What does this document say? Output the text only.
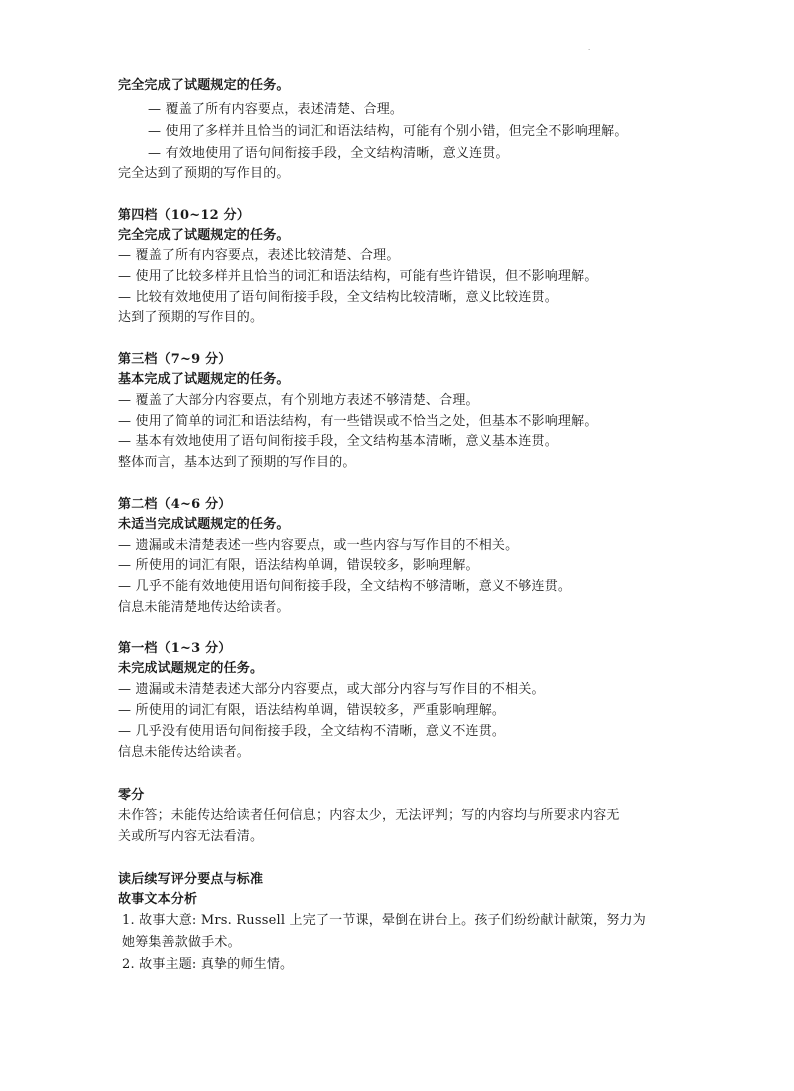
·
完全完成了试题规定的任务。
— 覆盖了所有内容要点，表述清楚、合理。
— 使用了多样并且恰当的词汇和语法结构，可能有个别小错，但完全不影响理解。
— 有效地使用了语句间衔接手段，全文结构清晰，意义连贯。
完全达到了预期的写作目的。
第四档（10~12 分）
完全完成了试题规定的任务。
— 覆盖了所有内容要点，表述比较清楚、合理。
— 使用了比较多样并且恰当的词汇和语法结构，可能有些许错误，但不影响理解。
— 比较有效地使用了语句间衔接手段，全文结构比较清晰，意义比较连贯。
达到了预期的写作目的。
第三档（7~9 分）
基本完成了试题规定的任务。
— 覆盖了大部分内容要点，有个别地方表述不够清楚、合理。
— 使用了简单的词汇和语法结构，有一些错误或不恰当之处，但基本不影响理解。
— 基本有效地使用了语句间衔接手段，全文结构基本清晰，意义基本连贯。
整体而言，基本达到了预期的写作目的。
第二档（4~6 分）
未适当完成试题规定的任务。
— 遗漏或未清楚表述一些内容要点，或一些内容与写作目的不相关。
— 所使用的词汇有限，语法结构单调，错误较多，影响理解。
— 几乎不能有效地使用语句间衔接手段，全文结构不够清晰，意义不够连贯。
信息未能清楚地传达给读者。
第一档（1~3 分）
未完成试题规定的任务。
— 遗漏或未清楚表述大部分内容要点，或大部分内容与写作目的不相关。
— 所使用的词汇有限，语法结构单调，错误较多，严重影响理解。
— 几乎没有使用语句间衔接手段，全文结构不清晰，意义不连贯。
信息未能传达给读者。
零分
未作答；未能传达给读者任何信息；内容太少，无法评判；写的内容均与所要求内容无
关或所写内容无法看清。
读后续写评分要点与标准
故事文本分析
1. 故事大意: Mrs. Russell 上完了一节课，晕倒在讲台上。孩子们纷纷献计献策，努力为
她筹集善款做手术。
2. 故事主题: 真挚的师生情。
